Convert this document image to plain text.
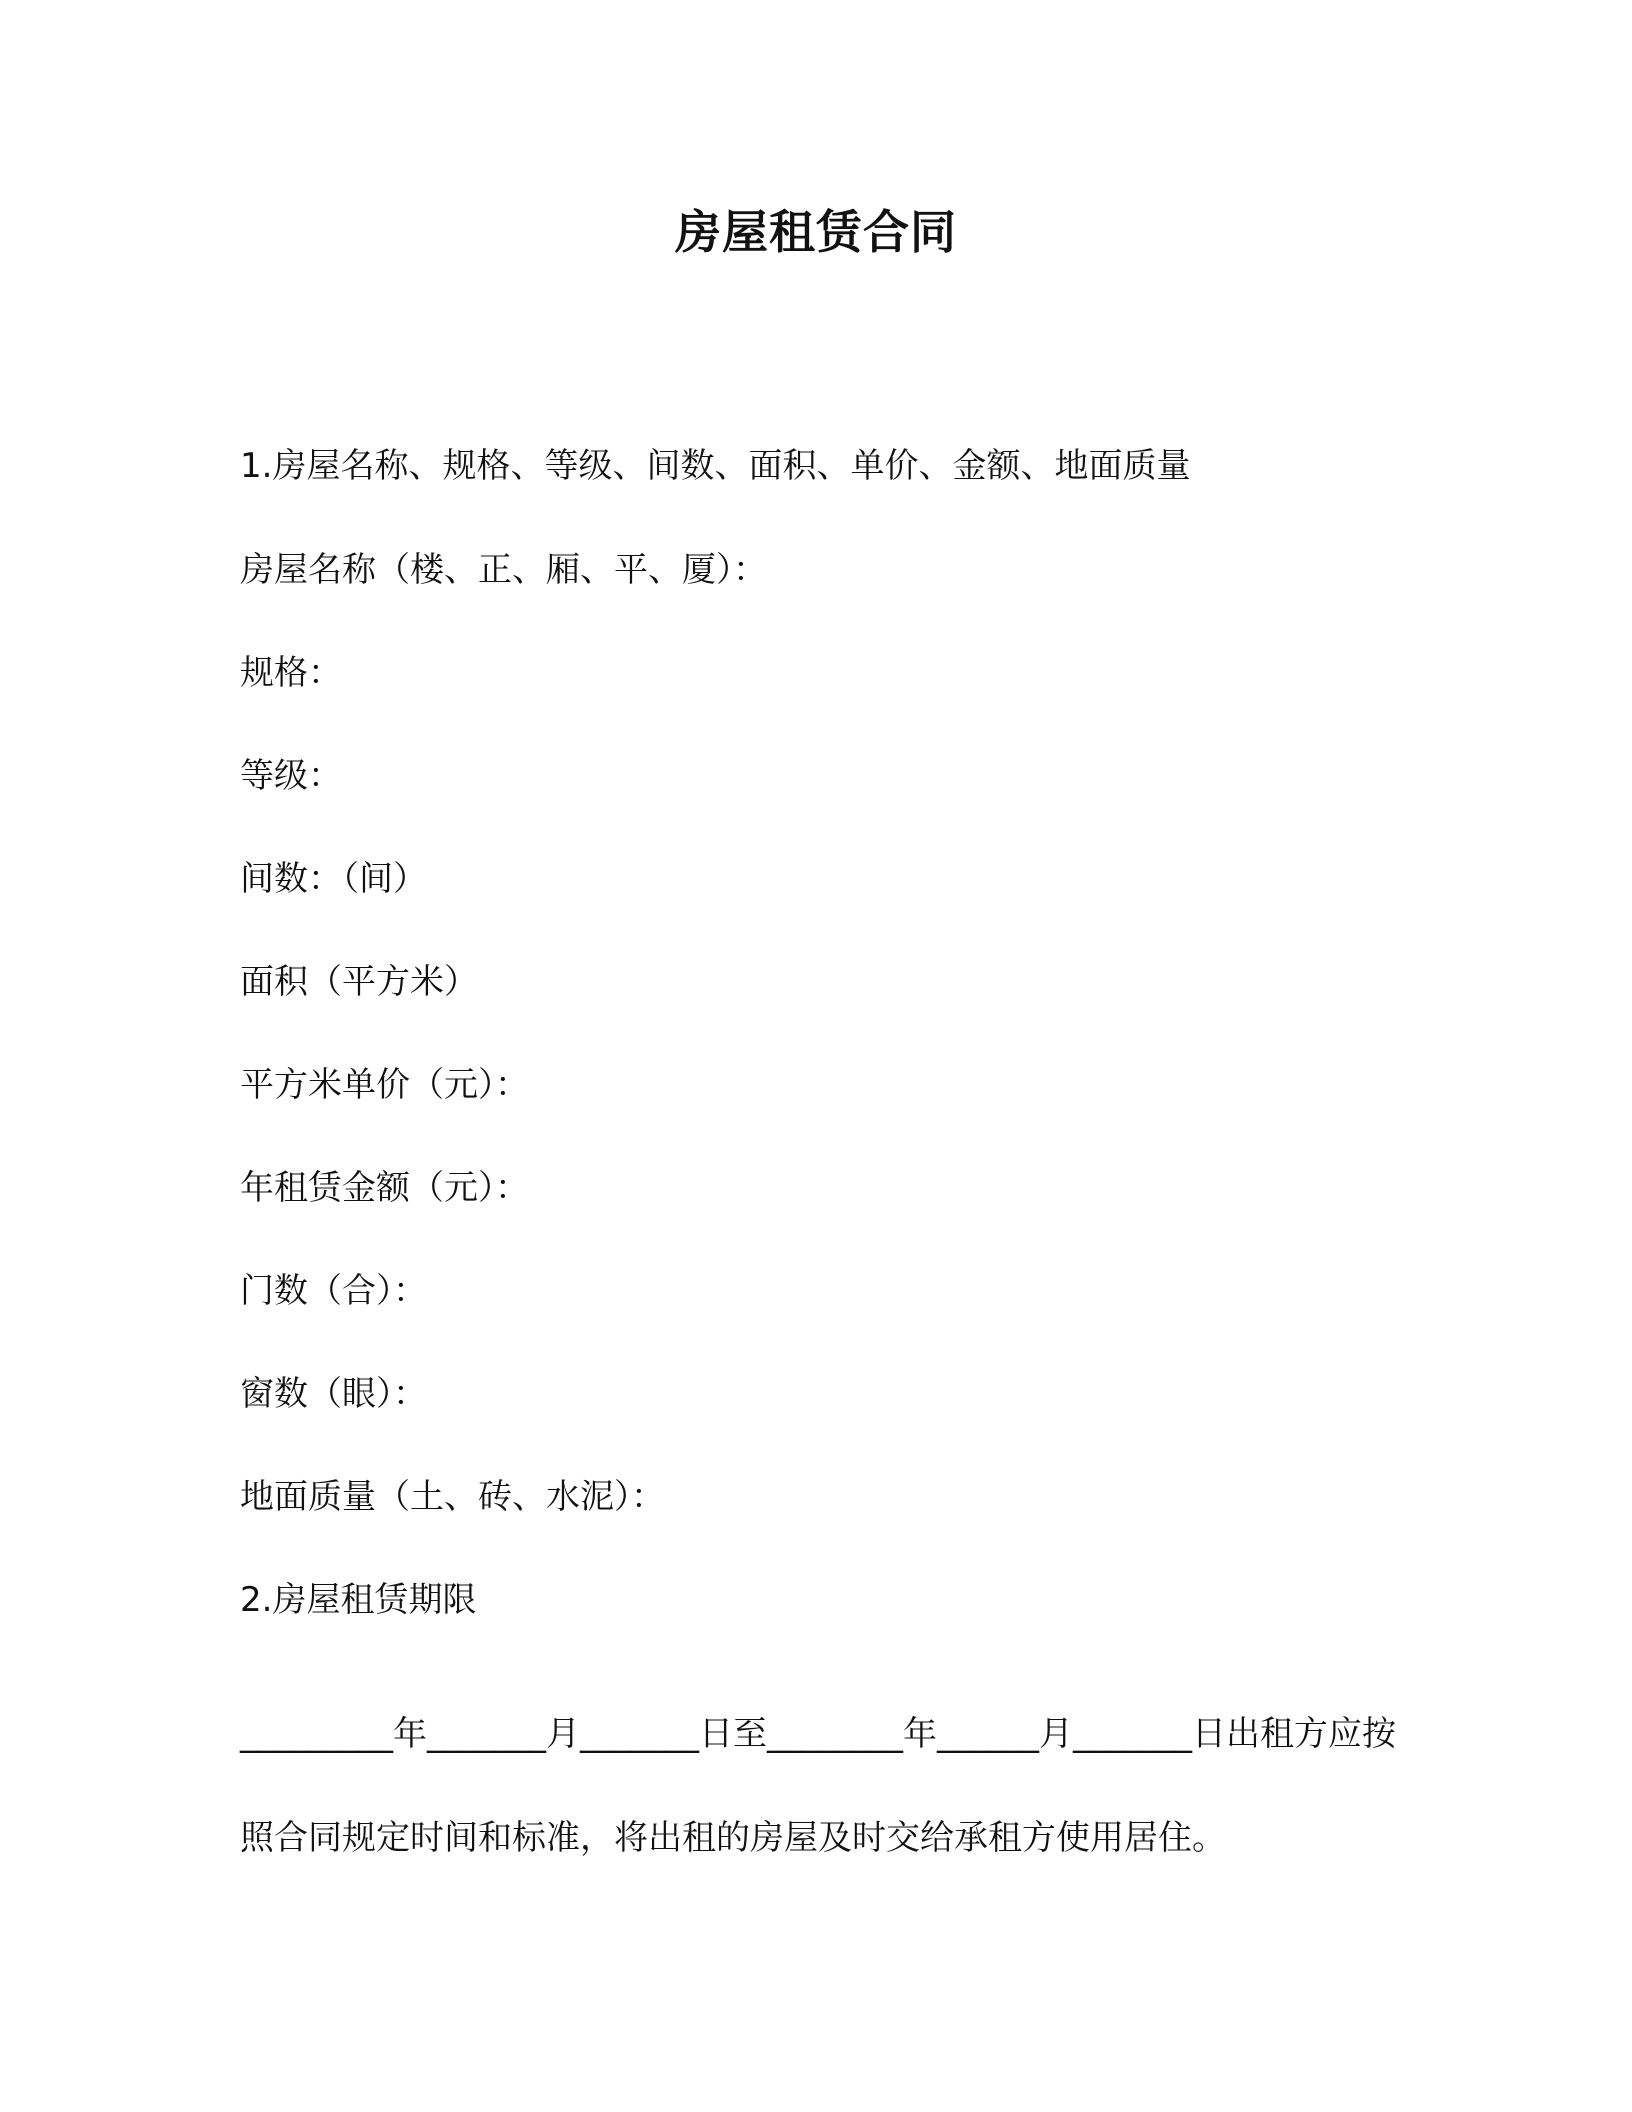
房屋租赁合同

1.房屋名称、规格、等级、间数、面积、单价、金额、地面质量

房屋名称（楼、正、厢、平、厦）：

规格：

等级：

间数：（间）

面积（平方米）

平方米单价（元）：

年租赁金额（元）：

门数（合）：

窗数（眼）：

地面质量（土、砖、水泥）：

2.房屋租赁期限

_________年_______月_______日至________年______月_______日出租方应按照合同规定时间和标准，将出租的房屋及时交给承租方使用居住。
